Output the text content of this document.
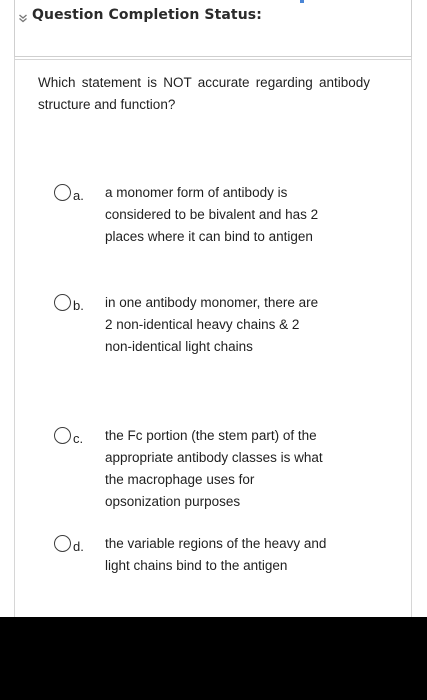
Question Completion Status:
Which statement is NOT accurate regarding antibody structure and function?
a.	a monomer form of antibody is considered to be bivalent and has 2 places where it can bind to antigen
b.	in one antibody monomer, there are 2 non-identical heavy chains & 2 non-identical light chains
c.	the Fc portion (the stem part) of the appropriate antibody classes is what the macrophage uses for opsonization purposes
d.	the variable regions of the heavy and light chains bind to the antigen
